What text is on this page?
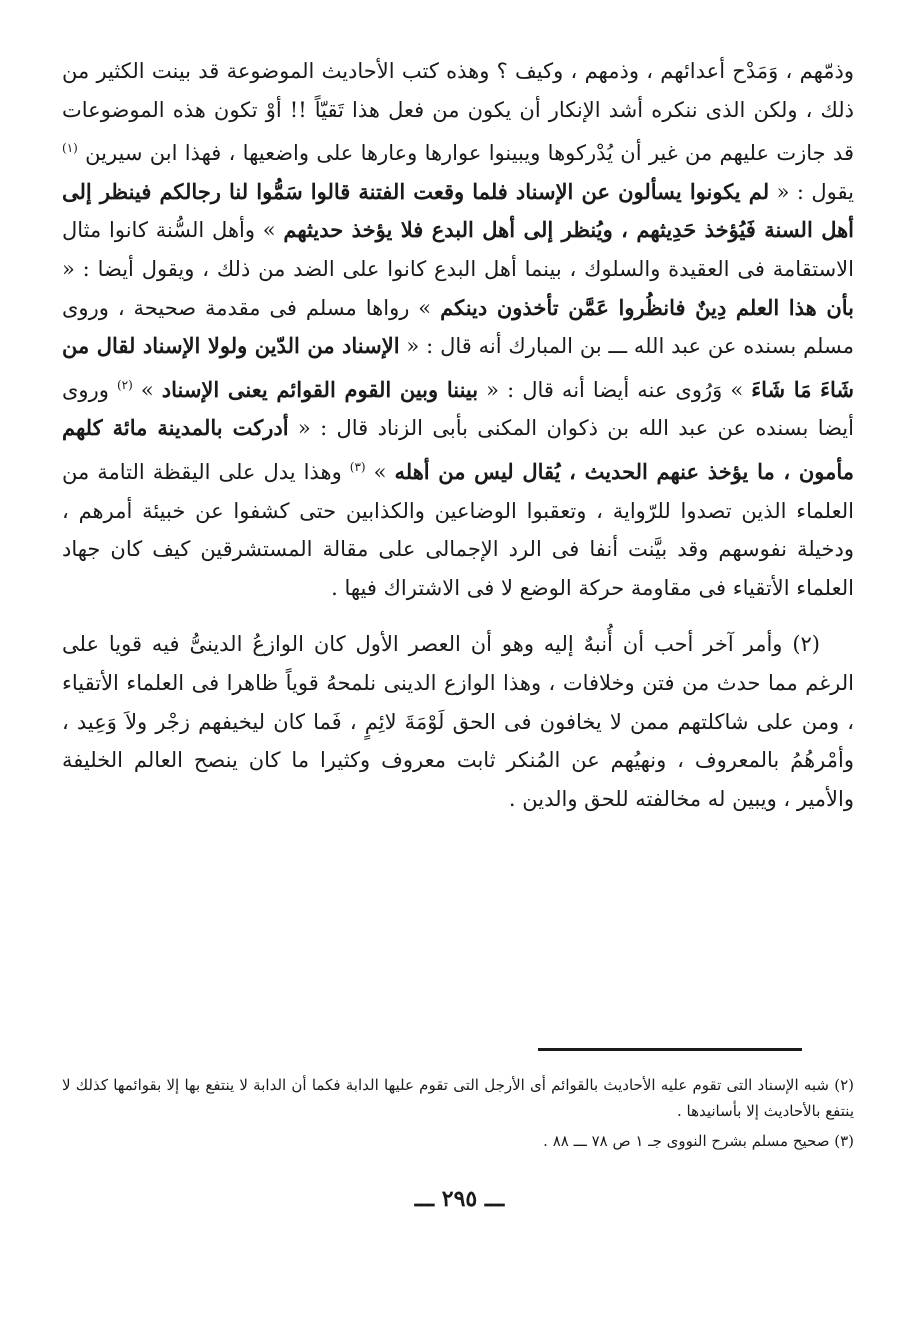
وذمّهم ، وَمَدْح أعدائهم ، وذمهم ، وكيف ؟ وهذه كتب الأحاديث الموضوعة قد بينت الكثير من ذلك ، ولكن الذى ننكره أشد الإنكار أن يكون من فعل هذا تَقيّاً !! أوْ تكون هذه الموضوعات قد جازت عليهم من غير أن يُدْركوها ويبينوا عوارها وعارها على واضعيها ، فهذا ابن سيرين $^{(١)}$ يقول : « لم يكونوا يسألون عن الإسناد فلما وقعت الفتنة قالوا سَمُّوا لنا رجالكم فينظر إلى أهل السنة فَيُؤخذ حَدِيثهم ، ويُنظر إلى أهل البدع فلا يؤخذ حديثهم » وأهل السُّنة كانوا مثال الاستقامة فى العقيدة والسلوك ، بينما أهل البدع كانوا على الضد من ذلك ، ويقول أيضا : « بأن هذا العلم دِينٌ فانظُروا عَمَّن تأخذون دينكم » رواها مسلم فى مقدمة صحيحة ، وروى مسلم بسنده عن عبد الله ـــ بن المبارك أنه قال : « الإسناد من الدّين ولولا الإسناد لقال من شَاءَ مَا شَاءَ » وَرُوى عنه أيضا أنه قال : « بيننا وبين القوم القوائم يعنى الإسناد » $^{(٢)}$ وروى أيضا بسنده عن عبد الله بن ذكوان المكنى بأبى الزناد قال : « أدركت بالمدينة مائة كلهم مأمون ، ما يؤخذ عنهم الحديث ، يُقال ليس من أهله » $^{(٣)}$ وهذا يدل على اليقظة التامة من العلماء الذين تصدوا للرّواية ، وتعقبوا الوضاعين والكذابين حتى كشفوا عن خبيئة أمرهم ، ودخيلة نفوسهم وقد بيَّنت أنفا فى الرد الإجمالى على مقالة المستشرقين كيف كان جهاد العلماء الأتقياء فى مقاومة حركة الوضع لا فى الاشتراك فيها .

(٢) وأمر آخر أحب أن أُنبهٌ إليه وهو أن العصر الأول كان الوازعُ الدينىُّ فيه قويا على الرغم مما حدث من فتن وخلافات ، وهذا الوازع الدينى نلمحهُ قوياً ظاهرا فى العلماء الأتقياء ، ومن على شاكلتهم ممن لا يخافون فى الحق لَوْمَةَ لائِمٍ ، فَما كان ليخيفهم زجْر ولاَ وَعِيد ، وأمْرهُمُ بالمعروف ، ونهيُهم عن المُنكر ثابت معروف وكثيرا ما كان ينصح العالم الخليفة والأمير ، ويبين له مخالفته للحق والدين .

(٢) شبه الإسناد التى تقوم عليه الأحاديث بالقوائم أى الأرجل التى تقوم عليها الدابة فكما أن الدابة لا ينتفع بها إلا بقوائمها كذلك لا ينتفع بالأحاديث إلا بأسانيدها .

(٣) صحيح مسلم بشرح النووى جـ ١ ص ٧٨ ـــ ٨٨ .

ـــ ٢٩٥ ـــ
